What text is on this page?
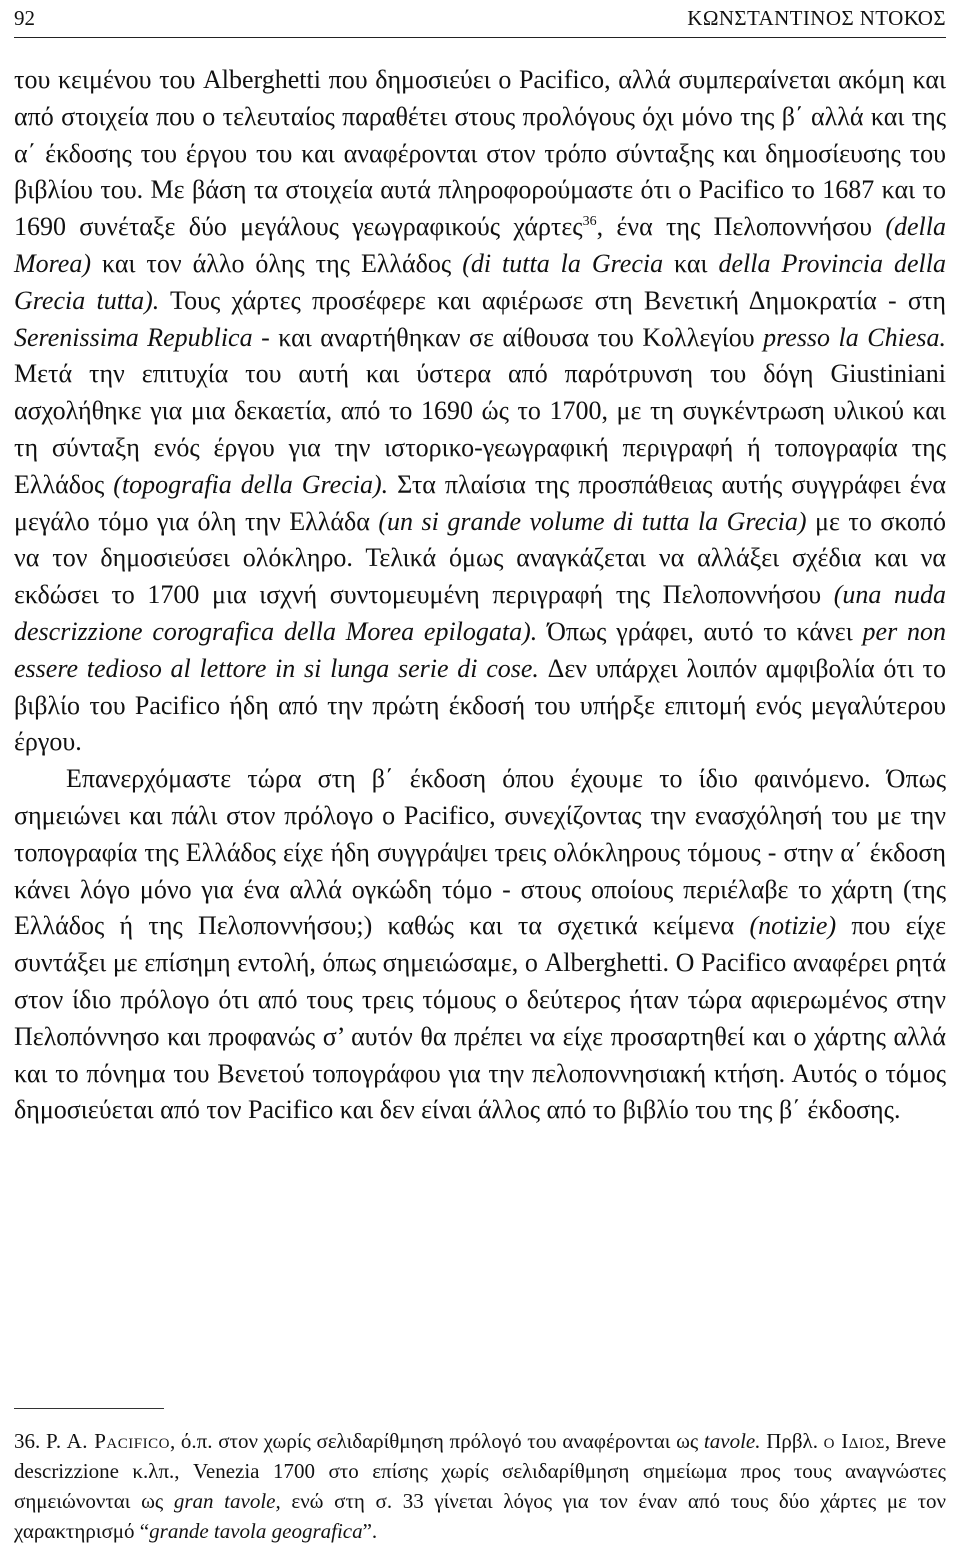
92	ΚΩΝΣΤΑΝΤΙΝΟΣ ΝΤΟΚΟΣ

του κειμένου του Alberghetti που δημοσιεύει ο Pacifico, αλλά συμπεραίνεται ακόμη και από στοιχεία που ο τελευταίος παραθέτει στους προλόγους όχι μόνο της β΄ αλλά και της α΄ έκδοσης του έργου του και αναφέρονται στον τρόπο σύνταξης και δημοσίευσης του βιβλίου του. Με βάση τα στοιχεία αυτά πληροφορούμαστε ότι ο Pacifico το 1687 και το 1690 συνέταξε δύο μεγάλους γεωγραφικούς χάρτες$^{36}$, ένα της Πελοποννήσου (della Morea) και τον άλλο όλης της Ελλάδος (di tutta la Grecia και della Provincia della Grecia tutta). Τους χάρτες προσέφερε και αφιέρωσε στη Βενετική Δημοκρατία - στη Serenissima Republica - και αναρτήθηκαν σε αίθουσα του Κολλεγίου presso la Chiesa. Μετά την επιτυχία του αυτή και ύστερα από παρότρυνση του δόγη Giustiniani ασχολήθηκε για μια δεκαετία, από το 1690 ώς το 1700, με τη συγκέντρωση υλικού και τη σύνταξη ενός έργου για την ιστορικο-γεωγραφική περιγραφή ή τοπογραφία της Ελλάδος (topografia della Grecia). Στα πλαίσια της προσπάθειας αυτής συγγράφει ένα μεγάλο τόμο για όλη την Ελλάδα (un si grande volume di tutta la Grecia) με το σκοπό να τον δημοσιεύσει ολόκληρο. Τελικά όμως αναγκάζεται να αλλάξει σχέδια και να εκδώσει το 1700 μια ισχνή συντομευμένη περιγραφή της Πελοποννήσου (una nuda descrizzione corografica della Morea epilogata). Όπως γράφει, αυτό το κάνει per non essere tedioso al lettore in si lunga serie di cose. Δεν υπάρχει λοιπόν αμφιβολία ότι το βιβλίο του Pacifico ήδη από την πρώτη έκδοσή του υπήρξε επιτομή ενός μεγαλύτερου έργου.

Επανερχόμαστε τώρα στη β΄ έκδοση όπου έχουμε το ίδιο φαινόμενο. Όπως σημειώνει και πάλι στον πρόλογο ο Pacifico, συνεχίζοντας την ενασχόλησή του με την τοπογραφία της Ελλάδος είχε ήδη συγγράψει τρεις ολόκληρους τόμους - στην α΄ έκδοση κάνει λόγο μόνο για ένα αλλά ογκώδη τόμο - στους οποίους περιέλαβε το χάρτη (της Ελλάδος ή της Πελοποννήσου;) καθώς και τα σχετικά κείμενα (notizie) που είχε συντάξει με επίσημη εντολή, όπως σημειώσαμε, ο Alberghetti. Ο Pacifico αναφέρει ρητά στον ίδιο πρόλογο ότι από τους τρεις τόμους ο δεύτερος ήταν τώρα αφιερωμένος στην Πελοπόννησο και προφανώς σ’ αυτόν θα πρέπει να είχε προσαρτηθεί και ο χάρτης αλλά και το πόνημα του Βενετού τοπογράφου για την πελοποννησιακή κτήση. Αυτός ο τόμος δημοσιεύεται από τον Pacifico και δεν είναι άλλος από το βιβλίο του της β΄ έκδοσης.

36. P. A. Pacifico, ό.π. στον χωρίς σελιδαρίθμηση πρόλογό του αναφέρονται ως tavole. Πρβλ. ο Ιδιος, Breve descrizzione κ.λπ., Venezia 1700 στο επίσης χωρίς σελιδαρίθμηση σημείωμα προς τους αναγνώστες σημειώνονται ως gran tavole, ενώ στη σ. 33 γίνεται λόγος για τον έναν από τους δύο χάρτες με τον χαρακτηρισμό “grande tavola geografica”.
